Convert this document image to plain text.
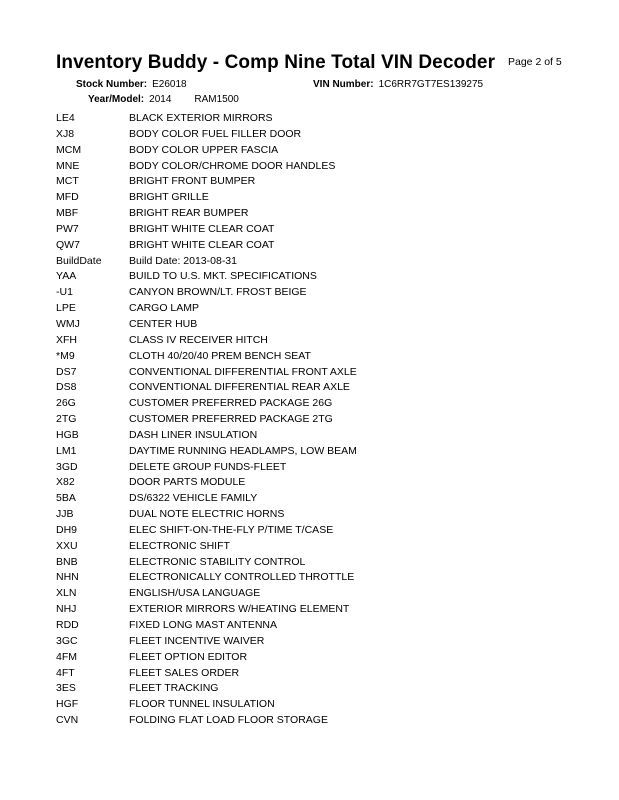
Inventory Buddy - Comp Nine Total VIN Decoder Page 2 of 5
Stock Number: E26018	VIN Number: 1C6RR7GT7ES139275
Year/Model: 2014 RAM1500
LE4	BLACK EXTERIOR MIRRORS
XJ8	BODY COLOR FUEL FILLER DOOR
MCM	BODY COLOR UPPER FASCIA
MNE	BODY COLOR/CHROME DOOR HANDLES
MCT	BRIGHT FRONT BUMPER
MFD	BRIGHT GRILLE
MBF	BRIGHT REAR BUMPER
PW7	BRIGHT WHITE CLEAR COAT
QW7	BRIGHT WHITE CLEAR COAT
BuildDate	Build Date: 2013-08-31
YAA	BUILD TO U.S. MKT. SPECIFICATIONS
-U1	CANYON BROWN/LT. FROST BEIGE
LPE	CARGO LAMP
WMJ	CENTER HUB
XFH	CLASS IV RECEIVER HITCH
*M9	CLOTH 40/20/40 PREM BENCH SEAT
DS7	CONVENTIONAL DIFFERENTIAL FRONT AXLE
DS8	CONVENTIONAL DIFFERENTIAL REAR AXLE
26G	CUSTOMER PREFERRED PACKAGE 26G
2TG	CUSTOMER PREFERRED PACKAGE 2TG
HGB	DASH LINER INSULATION
LM1	DAYTIME RUNNING HEADLAMPS, LOW BEAM
3GD	DELETE GROUP FUNDS-FLEET
X82	DOOR PARTS MODULE
5BA	DS/6322 VEHICLE FAMILY
JJB	DUAL NOTE ELECTRIC HORNS
DH9	ELEC SHIFT-ON-THE-FLY P/TIME T/CASE
XXU	ELECTRONIC SHIFT
BNB	ELECTRONIC STABILITY CONTROL
NHN	ELECTRONICALLY CONTROLLED THROTTLE
XLN	ENGLISH/USA LANGUAGE
NHJ	EXTERIOR MIRRORS W/HEATING ELEMENT
RDD	FIXED LONG MAST ANTENNA
3GC	FLEET INCENTIVE WAIVER
4FM	FLEET OPTION EDITOR
4FT	FLEET SALES ORDER
3ES	FLEET TRACKING
HGF	FLOOR TUNNEL INSULATION
CVN	FOLDING FLAT LOAD FLOOR STORAGE
